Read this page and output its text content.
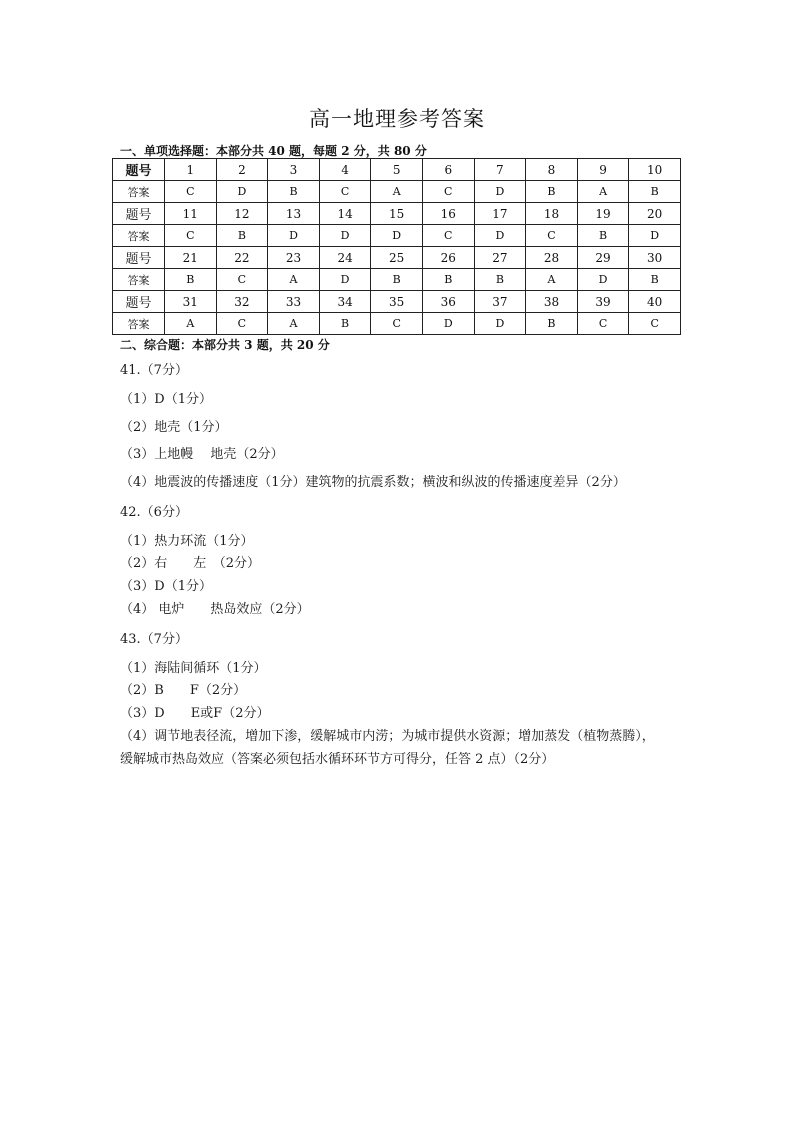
高一地理参考答案
一、单项选择题：本部分共 40 题，每题 2 分，共 80 分
题号	1	2	3	4	5	6	7	8	9	10
答案	C	D	B	C	A	C	D	B	A	B
题号	11	12	13	14	15	16	17	18	19	20
答案	C	B	D	D	D	C	D	C	B	D
题号	21	22	23	24	25	26	27	28	29	30
答案	B	C	A	D	B	B	B	A	D	B
题号	31	32	33	34	35	36	37	38	39	40
答案	A	C	A	B	C	D	D	B	C	C
二、综合题：本部分共 3 题，共 20 分
41.（7分）
（1）D（1分）
（2）地壳（1分）
（3）上地幔　 地壳（2分）
（4）地震波的传播速度（1分）建筑物的抗震系数；横波和纵波的传播速度差异（2分）
42.（6分）
（1）热力环流（1分）
（2）右　　左　（2分）
（3）D（1分）
（4） 电炉　　热岛效应（2分）
43.（7分）
（1）海陆间循环（1分）
（2）B　　F（2分）
（3）D　　E或F（2分）
（4）调节地表径流，增加下渗，缓解城市内涝；为城市提供水资源；增加蒸发（植物蒸腾），
缓解城市热岛效应（答案必须包括水循环环节方可得分，任答 2 点）（2分）
